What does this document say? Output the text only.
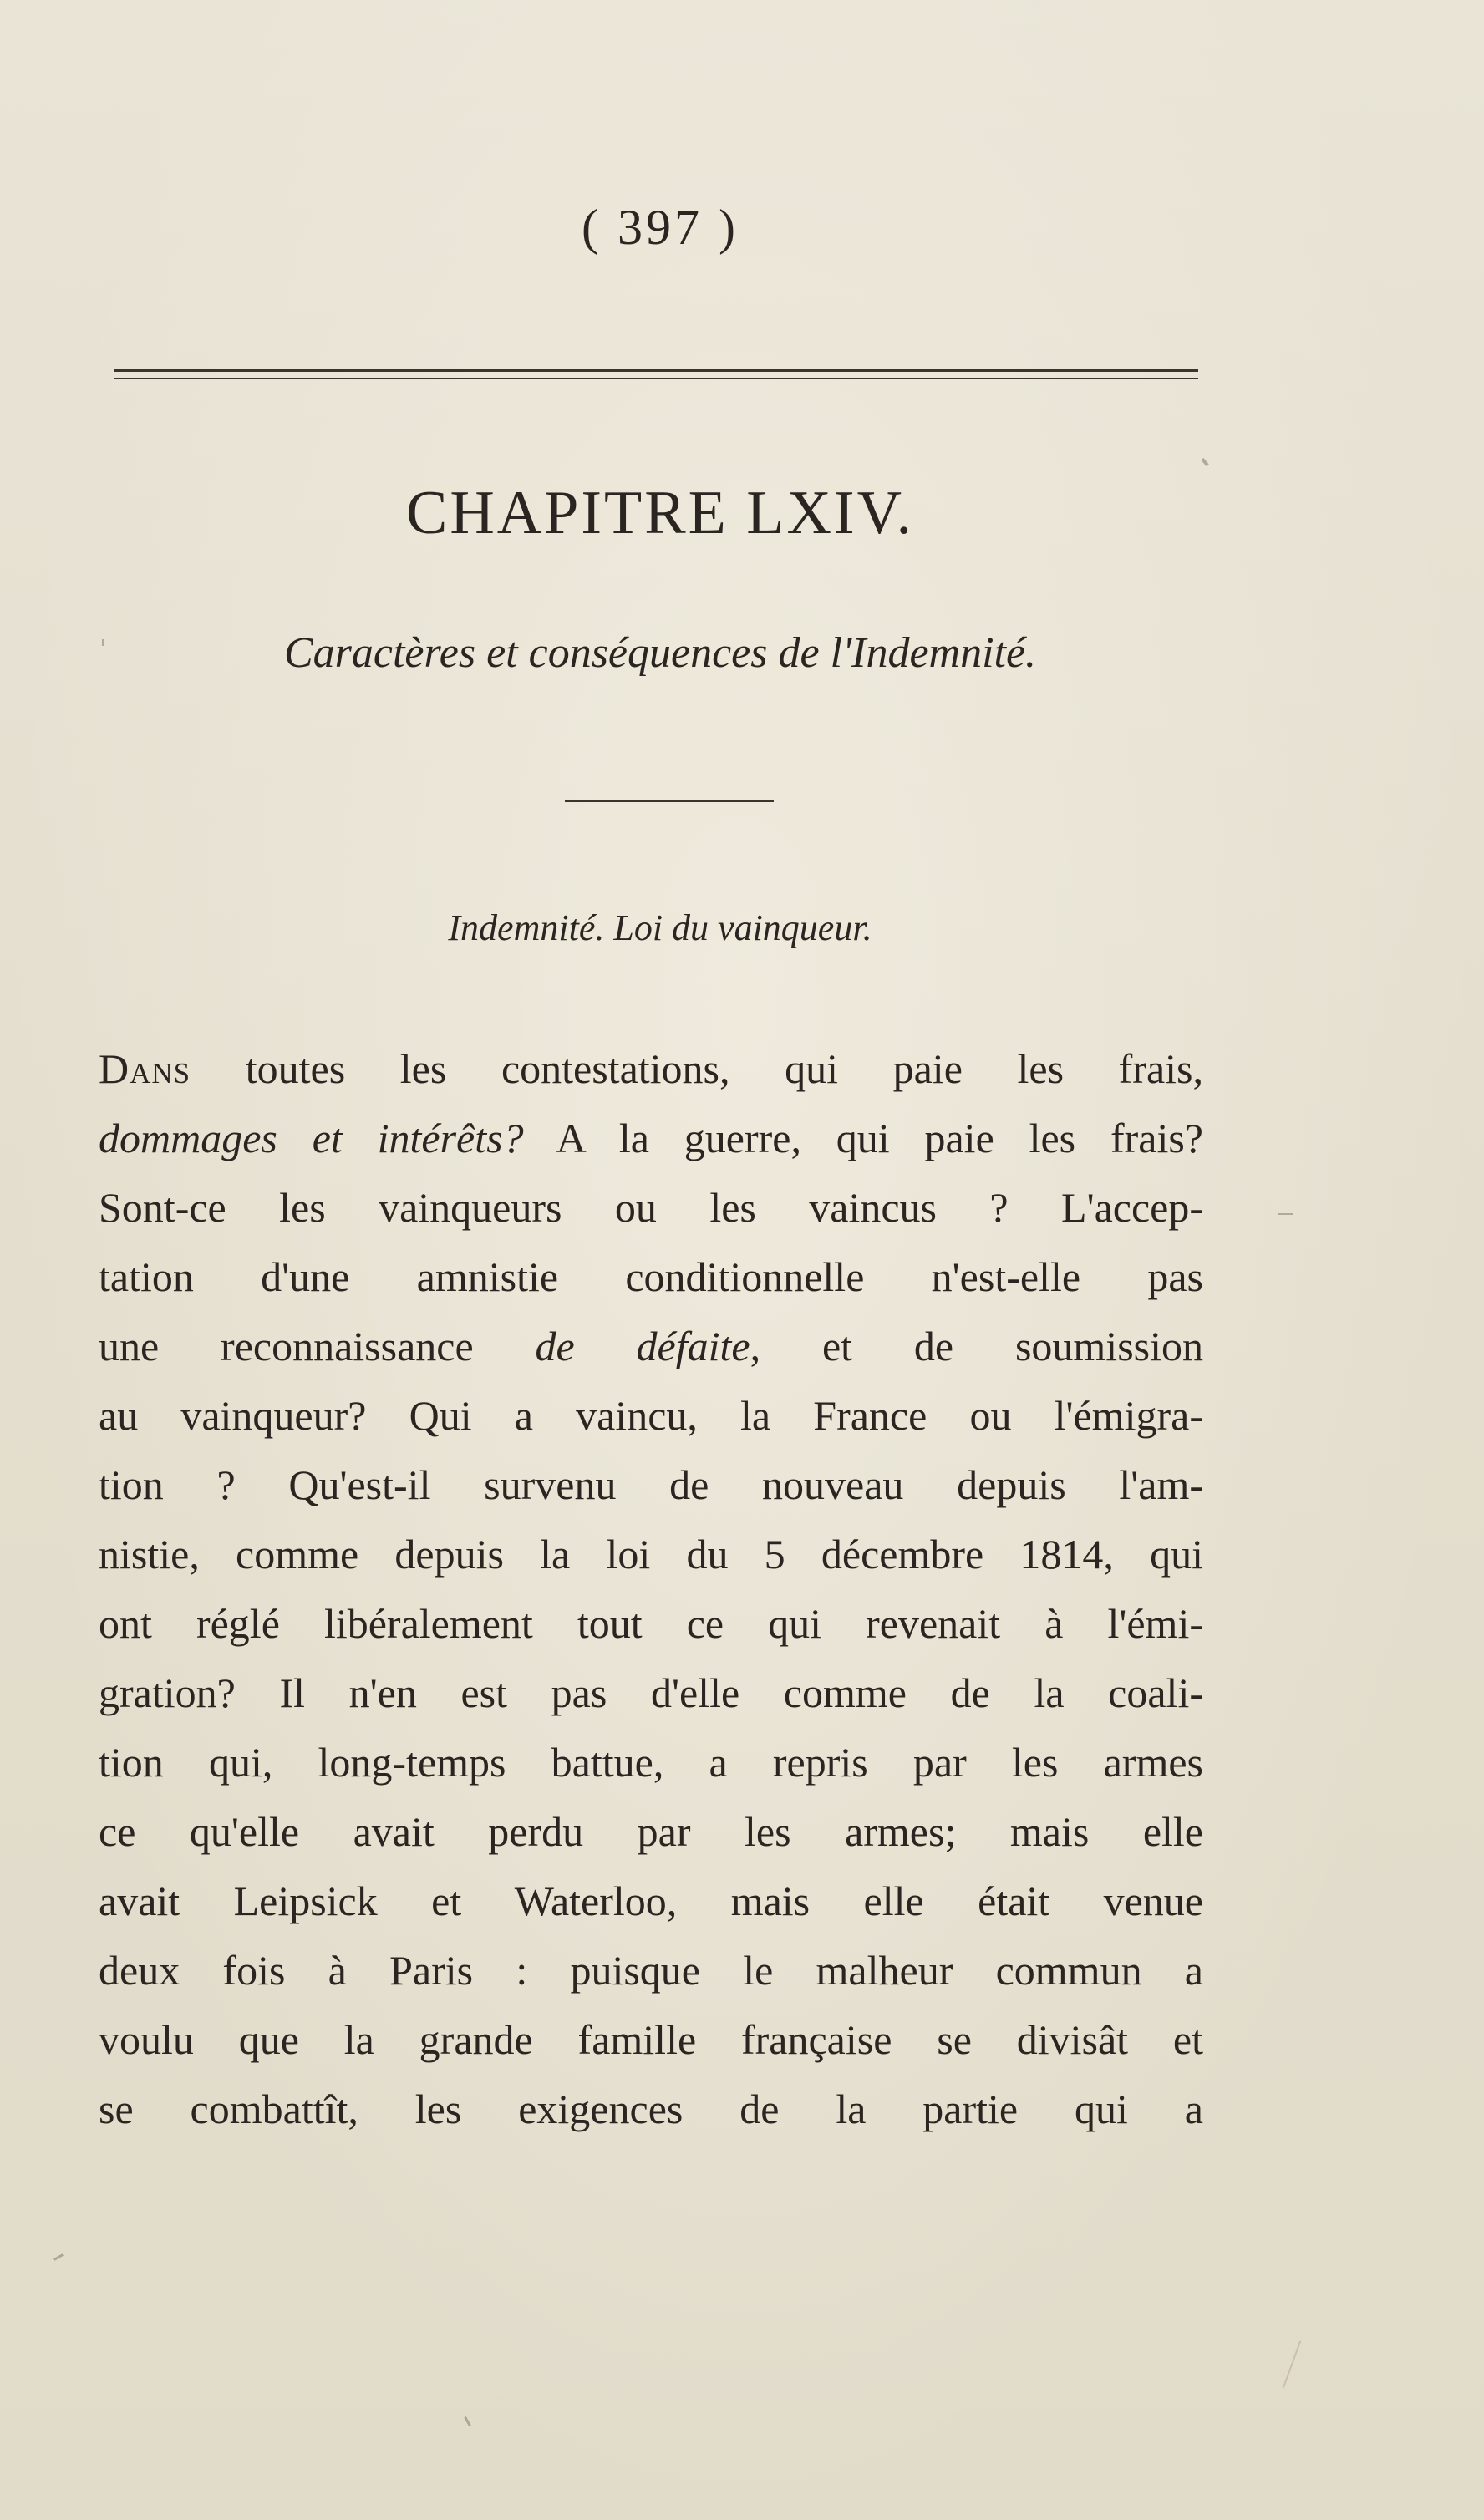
( 397 )
CHAPITRE LXIV.
Caractères et conséquences de l'Indemnité.
Indemnité. Loi du vainqueur.
Dans toutes les contestations, qui paie les frais,
dommages et intérêts? A la guerre, qui paie les frais?
Sont-ce les vainqueurs ou les vaincus ? L'accep-
tation d'une amnistie conditionnelle n'est-elle pas
une reconnaissance de défaite, et de soumission
au vainqueur? Qui a vaincu, la France ou l'émigra-
tion ? Qu'est-il survenu de nouveau depuis l'am-
nistie, comme depuis la loi du 5 décembre 1814, qui
ont réglé libéralement tout ce qui revenait à l'émi-
gration? Il n'en est pas d'elle comme de la coali-
tion qui, long-temps battue, a repris par les armes
ce qu'elle avait perdu par les armes; mais elle
avait Leipsick et Waterloo, mais elle était venue
deux fois à Paris : puisque le malheur commun a
voulu que la grande famille française se divisât et
se combattît, les exigences de la partie qui a
